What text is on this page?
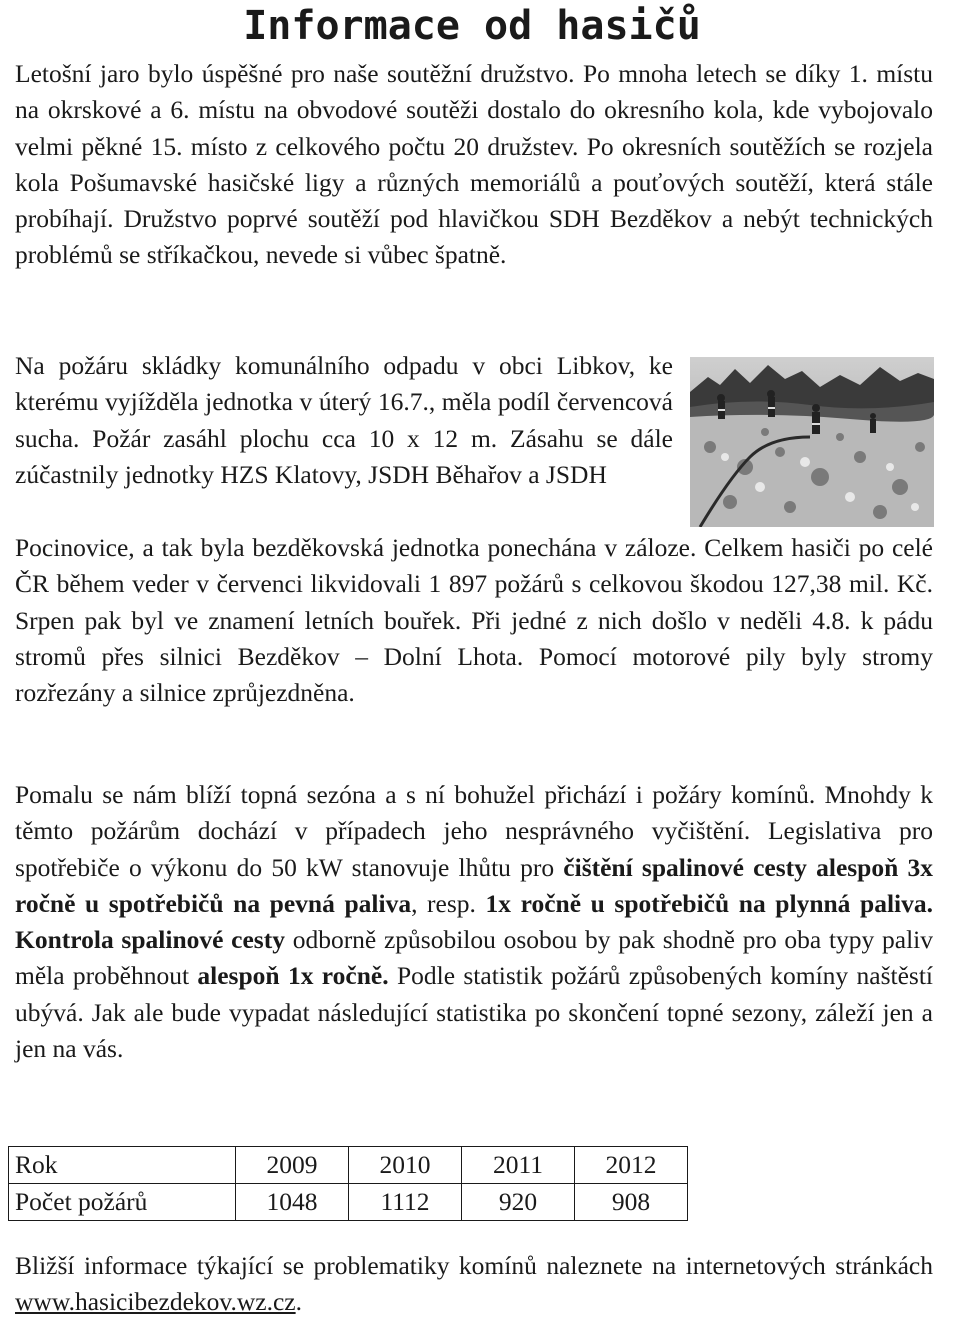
Informace od hasičů

Letošní jaro bylo úspěšné pro naše soutěžní družstvo. Po mnoha letech se díky 1. místu na okrskové a 6. místu na obvodové soutěži dostalo do okresního kola, kde vybojovalo velmi pěkné 15. místo z celkového počtu 20 družstev. Po okresních soutěžích se rozjela kola Pošumavské hasičské ligy a různých memoriálů a pouťových soutěží, která stále probíhají. Družstvo poprvé soutěží pod hlavičkou SDH Bezděkov a nebýt technických problémů se stříkačkou, nevede si vůbec špatně.

Na požáru skládky komunálního odpadu v obci Libkov, ke kterému vyjížděla jednotka v úterý 16.7., měla podíl červencová sucha. Požár zasáhl plochu cca 10 x 12 m. Zásahu se dále zúčastnily jednotky HZS Klatovy, JSDH Běhařov a JSDH

Pocinovice, a tak byla bezděkovská jednotka ponechána v záloze. Celkem hasiči po celé ČR během veder v červenci likvidovali 1 897 požárů s celkovou škodou 127,38 mil. Kč. Srpen pak byl ve znamení letních bouřek. Při jedné z nich došlo v neděli 4.8. k pádu stromů přes silnici Bezděkov – Dolní Lhota. Pomocí motorové pily byly stromy rozřezány a silnice zprůjezdněna.

Pomalu se nám blíží topná sezóna a s ní bohužel přichází i požáry komínů. Mnohdy k těmto požárům dochází v případech jeho nesprávného vyčištění. Legislativa pro spotřebiče o výkonu do 50 kW stanovuje lhůtu pro čištění spalinové cesty alespoň 3x ročně u spotřebičů na pevná paliva, resp. 1x ročně u spotřebičů na plynná paliva. Kontrola spalinové cesty odborně způsobilou osobou by pak shodně pro oba typy paliv měla proběhnout alespoň 1x ročně. Podle statistik požárů způsobených komíny naštěstí ubývá. Jak ale bude vypadat následující statistika po skončení topné sezony, záleží jen a jen na vás.

Rok	2009	2010	2011	2012
Počet požárů	1048	1112	920	908

Bližší informace týkající se problematiky komínů naleznete na internetových stránkách www.hasicibezdekov.wz.cz.
